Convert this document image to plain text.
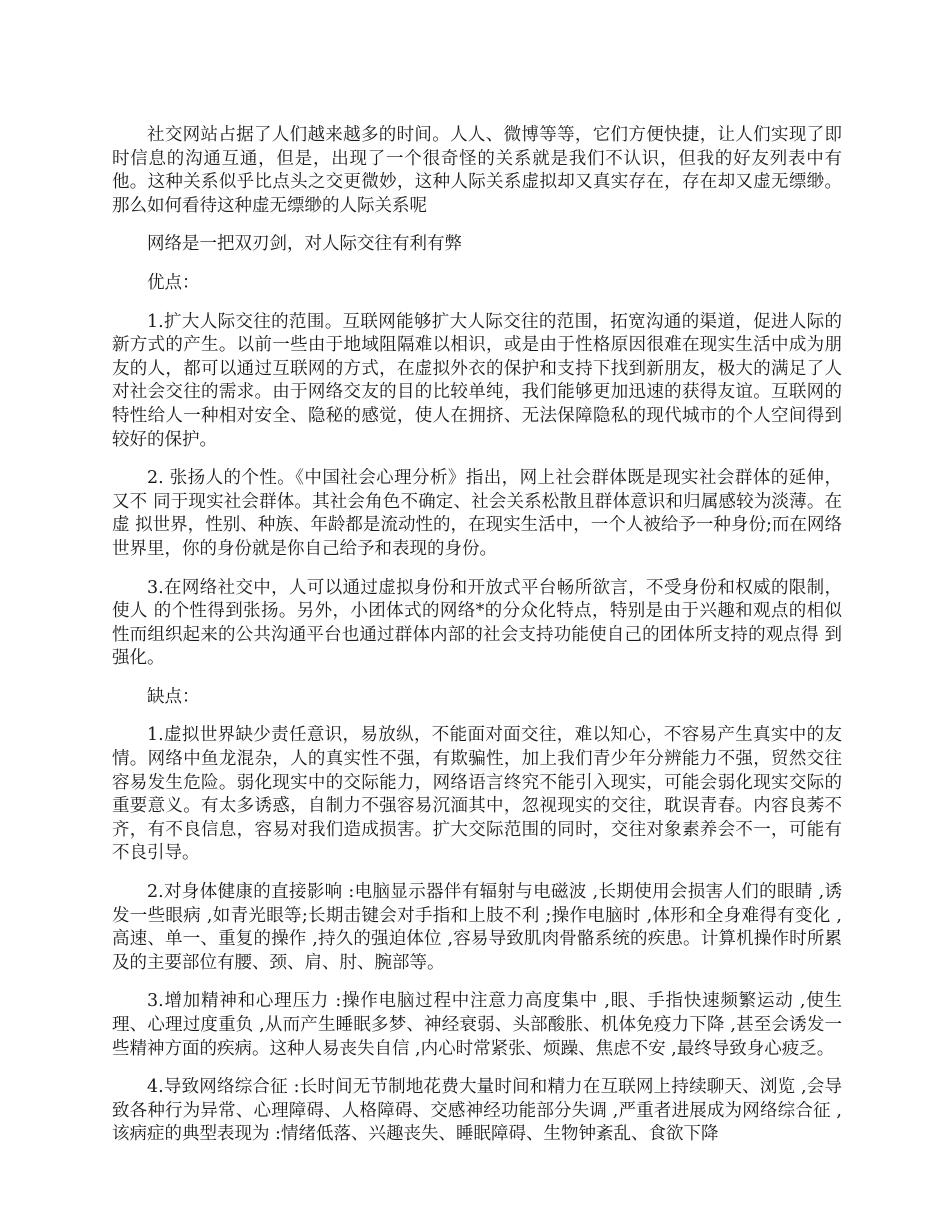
社交网站占据了人们越来越多的时间。人人、微博等等，它们方便快捷，让人们实现了即时信息的沟通互通，但是，出现了一个很奇怪的关系就是我们不认识，但我的好友列表中有他。这种关系似乎比点头之交更微妙，这种人际关系虚拟却又真实存在，存在却又虚无缥缈。那么如何看待这种虚无缥缈的人际关系呢

网络是一把双刃剑，对人际交往有利有弊

优点：

1.扩大人际交往的范围。互联网能够扩大人际交往的范围，拓宽沟通的渠道，促进人际的新方式的产生。以前一些由于地域阻隔难以相识，或是由于性格原因很难在现实生活中成为朋友的人，都可以通过互联网的方式，在虚拟外衣的保护和支持下找到新朋友，极大的满足了人对社会交往的需求。由于网络交友的目的比较单纯，我们能够更加迅速的获得友谊。互联网的特性给人一种相对安全、隐秘的感觉，使人在拥挤、无法保障隐私的现代城市的个人空间得到较好的保护。

2. 张扬人的个性。《中国社会心理分析》指出，网上社会群体既是现实社会群体的延伸，又不 同于现实社会群体。其社会角色不确定、社会关系松散且群体意识和归属感较为淡薄。在虚 拟世界，性别、种族、年龄都是流动性的，在现实生活中，一个人被给予一种身份;而在网络 世界里，你的身份就是你自己给予和表现的身份。

3.在网络社交中，人可以通过虚拟身份和开放式平台畅所欲言，不受身份和权威的限制，使人 的个性得到张扬。另外，小团体式的网络*的分众化特点，特别是由于兴趣和观点的相似 性而组织起来的公共沟通平台也通过群体内部的社会支持功能使自己的团体所支持的观点得 到强化。

缺点：

1.虚拟世界缺少责任意识，易放纵，不能面对面交往，难以知心，不容易产生真实中的友情。网络中鱼龙混杂，人的真实性不强，有欺骗性，加上我们青少年分辨能力不强，贸然交往容易发生危险。弱化现实中的交际能力，网络语言终究不能引入现实，可能会弱化现实交际的重要意义。有太多诱惑，自制力不强容易沉湎其中，忽视现实的交往，耽误青春。内容良莠不齐，有不良信息，容易对我们造成损害。扩大交际范围的同时，交往对象素养会不一，可能有不良引导。

2.对身体健康的直接影响 :电脑显示器伴有辐射与电磁波 ,长期使用会损害人们的眼睛 ,诱发一些眼病 ,如青光眼等;长期击键会对手指和上肢不利 ;操作电脑时 ,体形和全身难得有变化 ,高速、单一、重复的操作 ,持久的强迫体位 ,容易导致肌肉骨骼系统的疾患。计算机操作时所累及的主要部位有腰、颈、肩、肘、腕部等。

3.增加精神和心理压力 :操作电脑过程中注意力高度集中 ,眼、手指快速频繁运动 ,使生理、心理过度重负 ,从而产生睡眠多梦、神经衰弱、头部酸胀、机体免疫力下降 ,甚至会诱发一些精神方面的疾病。这种人易丧失自信 ,内心时常紧张、烦躁、焦虑不安 ,最终导致身心疲乏。

4.导致网络综合征 :长时间无节制地花费大量时间和精力在互联网上持续聊天、浏览 ,会导致各种行为异常、心理障碍、人格障碍、交感神经功能部分失调 ,严重者进展成为网络综合征 ,该病症的典型表现为 :情绪低落、兴趣丧失、睡眠障碍、生物钟紊乱、食欲下降
